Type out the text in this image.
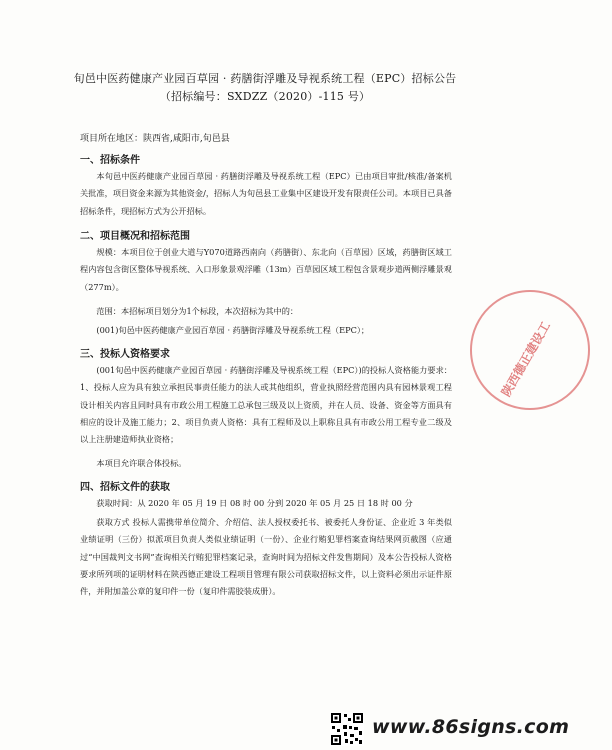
旬邑中医药健康产业园百草园 · 药膳街浮雕及导视系统工程（EPC）招标公告
（招标编号：SXDZZ（2020）-115 号）
项目所在地区：陕西省,咸阳市,旬邑县
一、招标条件

本旬邑中医药健康产业园百草园 · 药膳街浮雕及导视系统工程（EPC）已由项目审批/核准/备案机关批准，项目资金来源为其他资金/，招标人为旬邑县工业集中区建设开发有限责任公司。本项目已具备招标条件，现招标方式为公开招标。

二、项目概况和招标范围

规模：本项目位于创业大道与Y070道路西南向（药膳街）、东北向（百草园）区域，药膳街区域工程内容包含街区整体导视系统、入口形象景观浮雕（13m）百草园区域工程包含景观步道两侧浮雕景观（277m）。

范围：本招标项目划分为1个标段，本次招标为其中的：

(001)旬邑中医药健康产业园百草园 · 药膳街浮雕及导视系统工程（EPC）；

三、投标人资格要求

(001旬邑中医药健康产业园百草园 · 药膳街浮雕及导视系统工程（EPC）)的投标人资格能力要求：1、投标人应为具有独立承担民事责任能力的法人或其他组织，营业执照经营范围内具有园林景观工程设计相关内容且同时具有市政公用工程施工总承包三级及以上资质，并在人员、设备、资金等方面具有相应的设计及施工能力；2、项目负责人资格：具有工程师及以上职称且具有市政公用工程专业二级及以上注册建造师执业资格；

本项目允许联合体投标。

四、招标文件的获取

获取时间：从 2020 年 05 月 19 日 08 时 00 分到 2020 年 05 月 25 日 18 时 00 分

获取方式 投标人需携带单位简介、介绍信、法人授权委托书、被委托人身份证、企业近 3 年类似业绩证明（三份）拟派项目负责人类似业绩证明（一份）、企业行贿犯罪档案查询结果网页截图（应通过“中国裁判文书网”查询相关行贿犯罪档案记录，查询时间为招标文件发售期间）及本公告投标人资格要求所列项的证明材料在陕西德正建设工程项目管理有限公司获取招标文件，以上资料必须出示证件原件，并附加盖公章的复印件一份（复印件需胶装成册）。

陕西德正建设工
www.86signs.com
